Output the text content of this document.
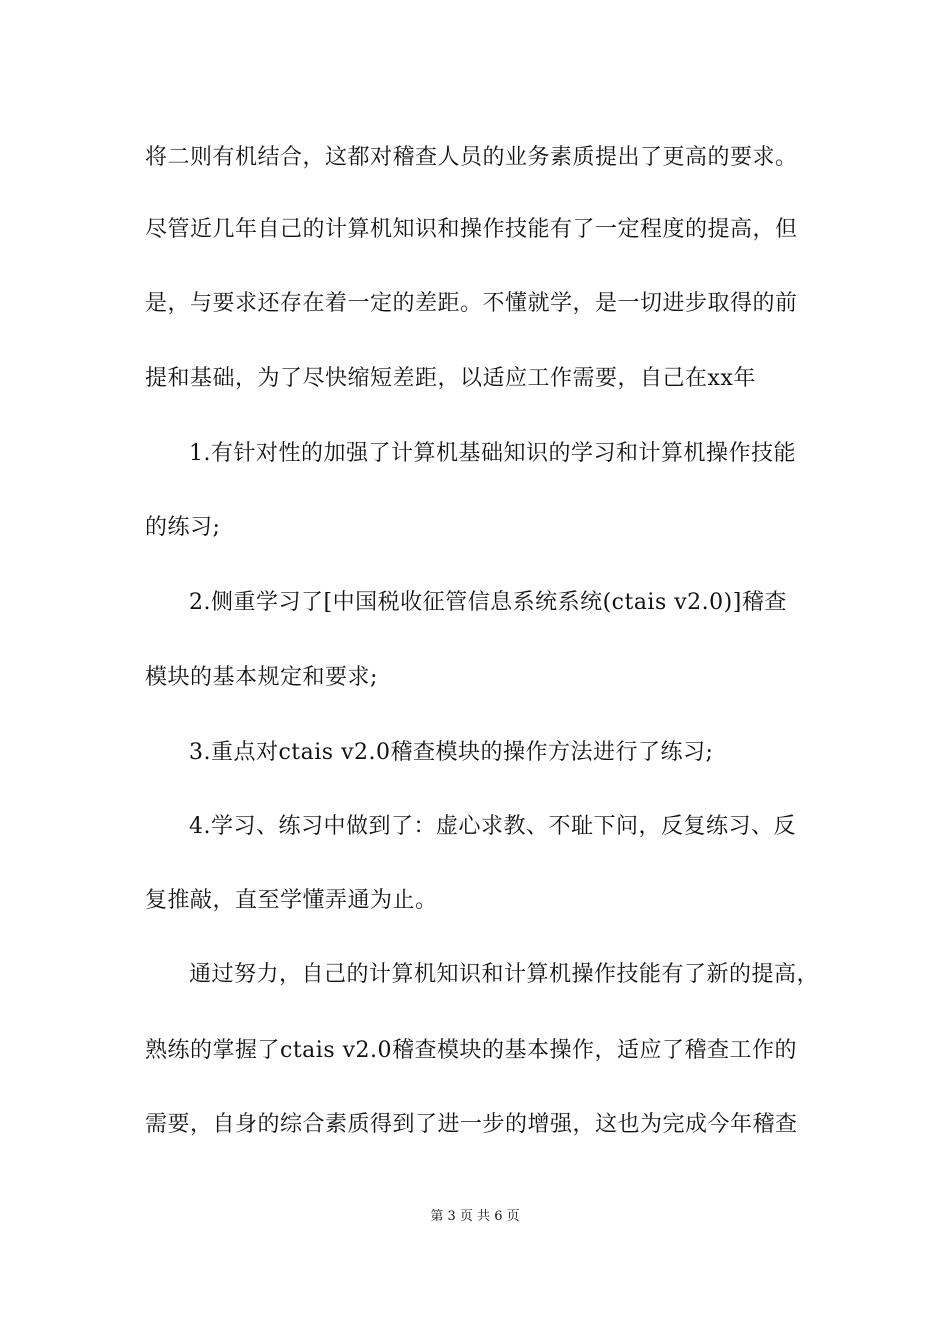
将二则有机结合，这都对稽查人员的业务素质提出了更高的要求。
尽管近几年自己的计算机知识和操作技能有了一定程度的提高，但
是，与要求还存在着一定的差距。不懂就学，是一切进步取得的前
提和基础，为了尽快缩短差距，以适应工作需要，自己在xx年
1.有针对性的加强了计算机基础知识的学习和计算机操作技能
的练习;
2.侧重学习了[中国税收征管信息系统系统(ctais v2.0)]稽查
模块的基本规定和要求;
3.重点对ctais v2.0稽查模块的操作方法进行了练习;
4.学习、练习中做到了：虚心求教、不耻下问，反复练习、反
复推敲，直至学懂弄通为止。
通过努力，自己的计算机知识和计算机操作技能有了新的提高，
熟练的掌握了ctais v2.0稽查模块的基本操作，适应了稽查工作的
需要，自身的综合素质得到了进一步的增强，这也为完成今年稽查
第 3 页 共 6 页
